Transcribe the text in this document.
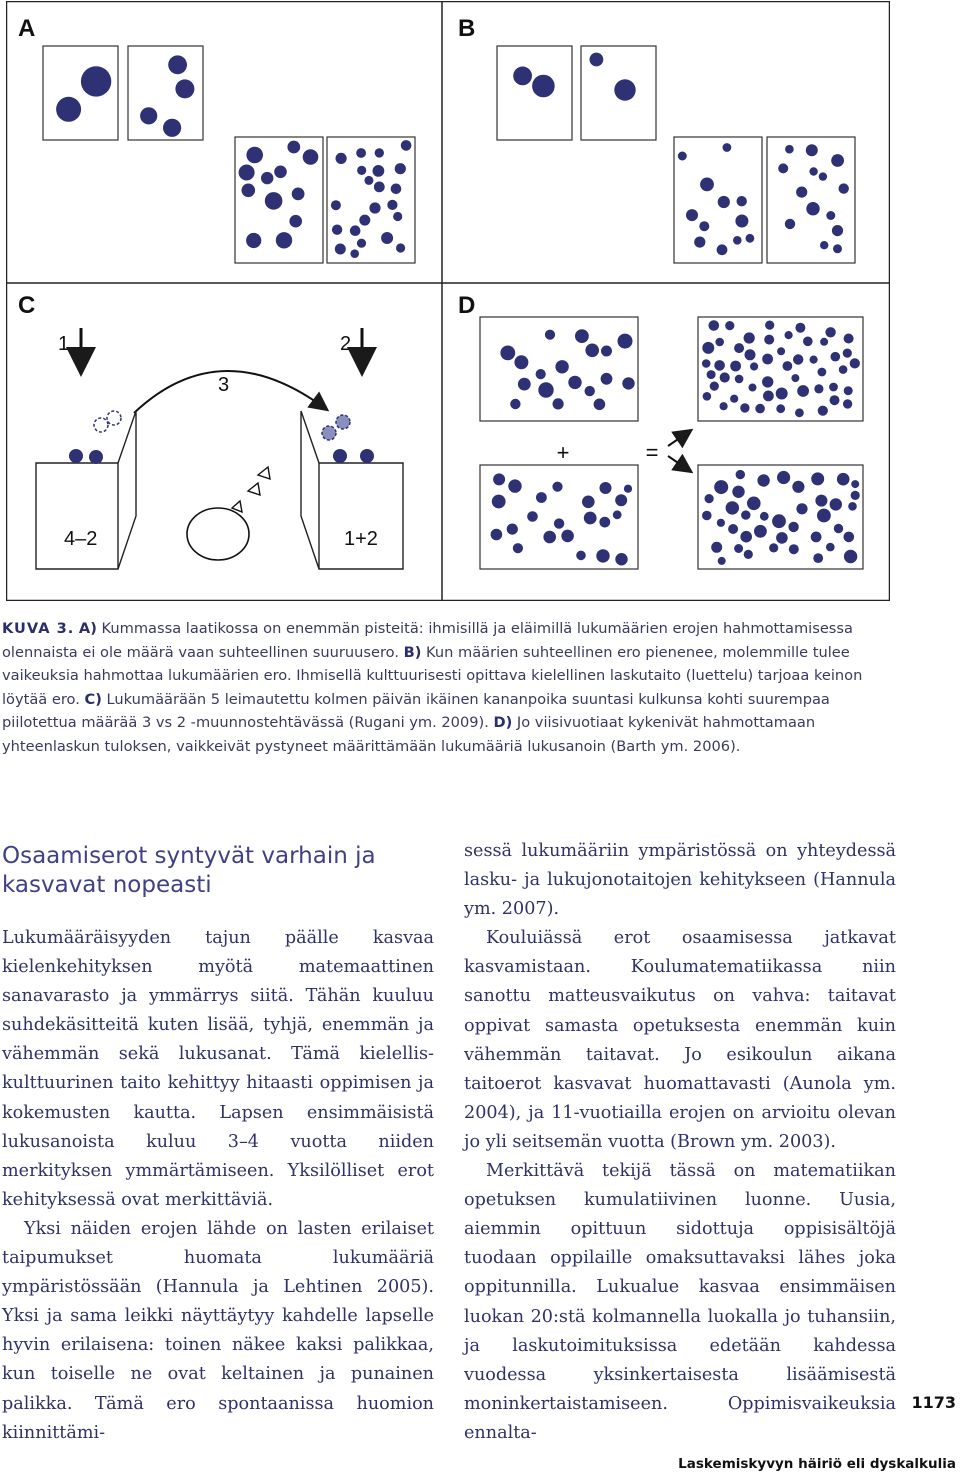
A	B
C	D
+	=
1	2
3
4–2	1+2
KUVA 3. A) Kummassa laatikossa on enemmän pisteitä: ihmisillä ja eläimillä lukumäärien erojen hahmottamisessa olennaista ei ole määrä vaan suhteellinen suuruusero. B) Kun määrien suhteellinen ero pienenee, molemmille tulee vaikeuksia hahmottaa lukumäärien ero. Ihmisellä kulttuurisesti opittava kielellinen laskutaito (luettelu) tarjoaa keinon löytää ero. C) Lukumäärään 5 leimautettu kolmen päivän ikäinen kananpoika suuntasi kulkunsa kohti suurempaa piilotettua määrää 3 vs 2 -muunnostehtävässä (Rugani ym. 2009). D) Jo viisivuotiaat kykenivät hahmottamaan yhteenlaskun tuloksen, vaikkeivät pystyneet määrittämään lukumääriä lukusanoin (Barth ym. 2006).
Osaamiserot syntyvät varhain ja kasvavat nopeasti

Lukumääräisyyden tajun päälle kasvaa kielenkehityksen myötä matemaattinen sanavarasto ja ymmärrys siitä. Tähän kuuluu suhdekäsitteitä kuten lisää, tyhjä, enemmän ja vähemmän sekä lukusanat. Tämä kielellis-kulttuurinen taito kehittyy hitaasti oppimisen ja kokemusten kautta. Lapsen ensimmäisistä lukusanoista kuluu 3–4 vuotta niiden merkityksen ymmärtämiseen. Yksilölliset erot kehityksessä ovat merkittäviä.

Yksi näiden erojen lähde on lasten erilaiset taipumukset huomata lukumääriä ympäristössään (Hannula ja Lehtinen 2005). Yksi ja sama leikki näyttäytyy kahdelle lapselle hyvin erilaisena: toinen näkee kaksi palikkaa, kun toiselle ne ovat keltainen ja punainen palikka. Tämä ero spontaanissa huomion kiinnittämi-

sessä lukumääriin ympäristössä on yhteydessä lasku- ja lukujonotaitojen kehitykseen (Hannula ym. 2007).

Kouluiässä erot osaamisessa jatkavat kasvamistaan. Koulumatematiikassa niin sanottu matteusvaikutus on vahva: taitavat oppivat samasta opetuksesta enemmän kuin vähemmän taitavat. Jo esikoulun aikana taitoerot kasvavat huomattavasti (Aunola ym. 2004), ja 11-vuotiailla erojen on arvioitu olevan jo yli seitsemän vuotta (Brown ym. 2003).

Merkittävä tekijä tässä on matematiikan opetuksen kumulatiivinen luonne. Uusia, aiemmin opittuun sidottuja oppisisältöjä tuodaan oppilaille omaksuttavaksi lähes joka oppitunnilla. Lukualue kasvaa ensimmäisen luokan 20:stä kolmannella luokalla jo tuhansiin, ja laskutoimituksissa edetään kahdessa vuodessa yksinkertaisesta lisäämisestä moninkertaistamiseen. Oppimisvaikeuksia ennalta-

1173
Laskemiskyvyn häiriö eli dyskalkulia
